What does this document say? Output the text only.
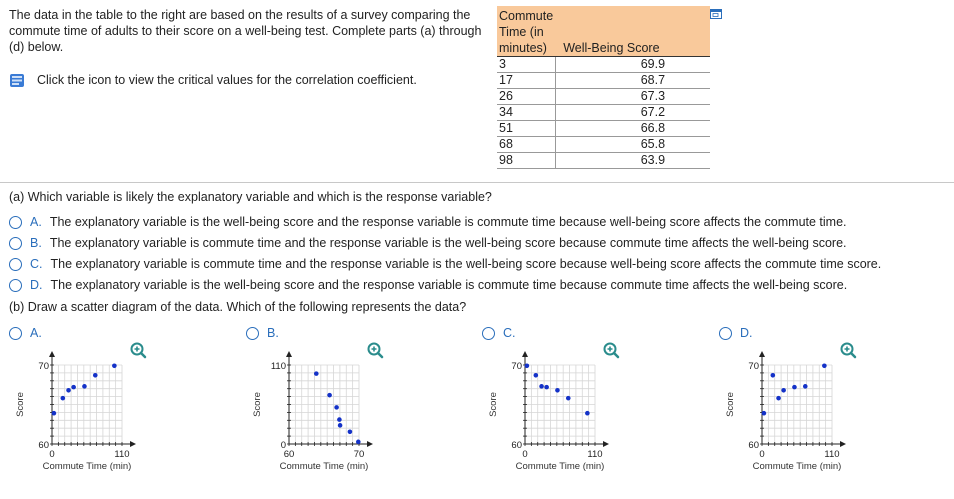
The data in the table to the right are based on the results of a survey comparing the commute time of adults to their score on a well-being test. Complete parts (a) through (d) below.
Click the icon to view the critical values for the correlation coefficient.
Commute
Time (in
minutes)	Well-Being Score
3	69.9
17	68.7
26	67.3
34	67.2
51	66.8
68	65.8
98	63.9
(a) Which variable is likely the explanatory variable and which is the response variable?
A. The explanatory variable is the well-being score and the response variable is commute time because well-being score affects the commute time.
B. The explanatory variable is commute time and the response variable is the well-being score because commute time affects the well-being score.
C. The explanatory variable is commute time and the response variable is the well-being score because well-being score affects the commute time score.
D. The explanatory variable is the well-being score and the response variable is commute time because commute time affects the well-being score.
(b) Draw a scatter diagram of the data. Which of the following represents the data?
A.	B.	C.	D.
60
70
0	110
Commute Time (min)
Score
0
110
60	70
Commute Time (min)
Score
60
70
0	110
Commute Time (min)
Score
60
70
0	110
Commute Time (min)
Score
